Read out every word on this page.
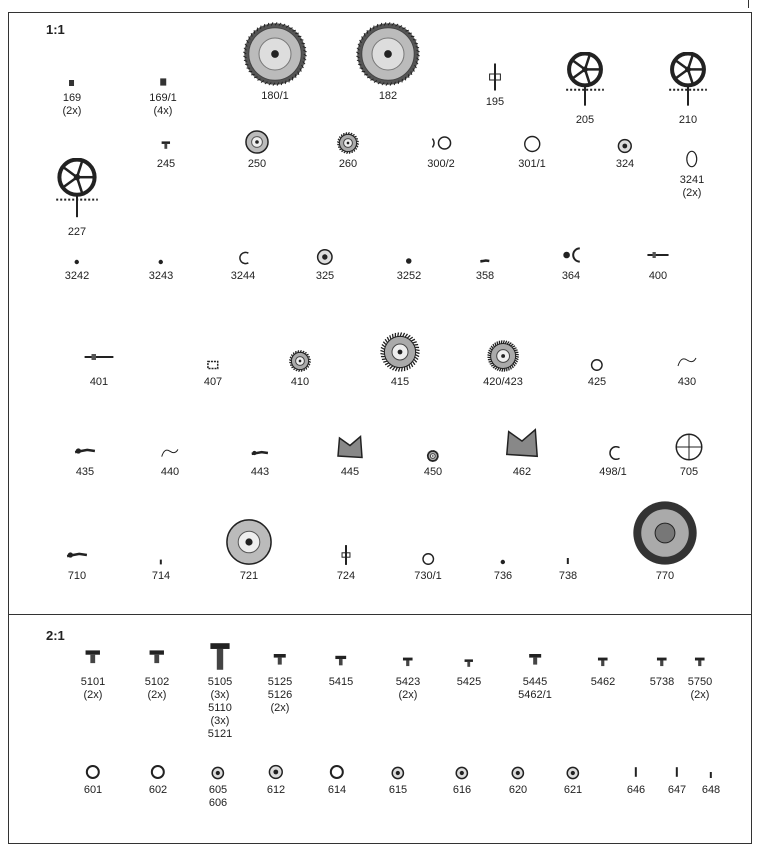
1:1
2:1
169
(2x)
169/1
(4x)
180/1	182	195
205	210
227
245	250	260	300/2	301/1	324
3241
(2x)
3242	3243	3244	325	3252	358	364	400
401	407	410	415	420/423	425	430
435	440	443	445	450	462	498/1	705
710	714	721	724	730/1	736	738	770
5101
(2x)
5102
(2x)
5105
(3x)
5110
(3x)
5121
5125
5126
(2x)
5415	5423
(2x)
5425	5445
5462/1
5462	5738 5750
(2x)
601	602	605
606
612	614	615	616	620	621	646 647 648
